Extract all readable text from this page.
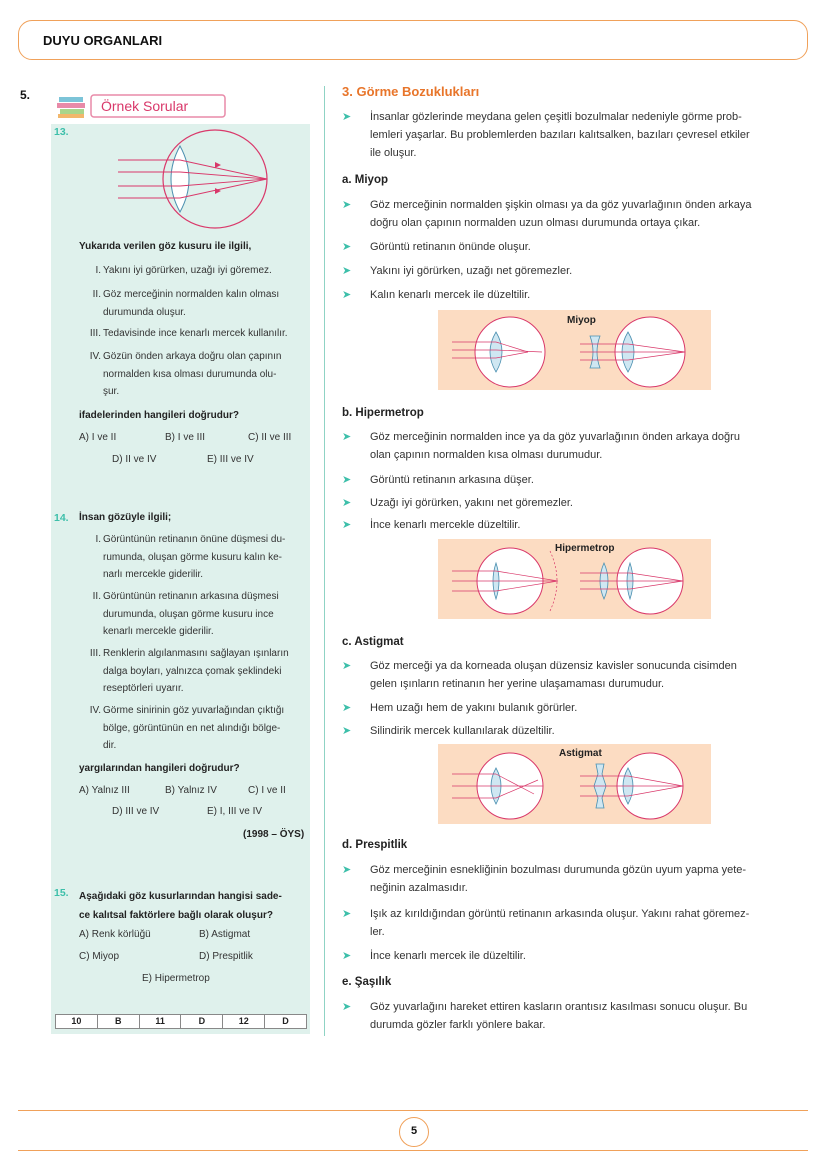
DUYU ORGANLARI
5.
Örnek Sorular
13.
Yukarıda verilen göz kusuru ile ilgili,
I. Yakını iyi görürken, uzağı iyi göremez.
II. Göz merceğinin normalden kalın olması
durumunda oluşur.
III. Tedavisinde ince kenarlı mercek kullanılır.
IV. Gözün önden arkaya doğru olan çapının
normalden kısa olması durumunda olu-
şur.
ifadelerinden hangileri doğrudur?
A) I ve II	B) I ve III	C) II ve III
D) II ve IV	E) III ve IV
14. İnsan gözüyle ilgili;
I. Görüntünün retinanın önüne düşmesi du-
rumunda, oluşan görme kusuru kalın ke-
narlı mercekle giderilir.
II. Görüntünün retinanın arkasına düşmesi
durumunda, oluşan görme kusuru ince
kenarlı mercekle giderilir.
III. Renklerin algılanmasını sağlayan ışınların
dalga boyları, yalnızca çomak şeklindeki
reseptörleri uyarır.
IV. Görme sinirinin göz yuvarlağından çıktığı
bölge, görüntünün en net alındığı bölge-
dir.
yargılarından hangileri doğrudur?
A) Yalnız III	B) Yalnız IV	C) I ve II
D) III ve IV	E) I, III ve IV
(1998 – ÖYS)
15. Aşağıdaki göz kusurlarından hangisi sade-
ce kalıtsal faktörlere bağlı olarak oluşur?
A) Renk körlüğü	B) Astigmat
C) Miyop	D) Prespitlik
E) Hipermetrop
10	B	11	D	12	D
3. Görme Bozuklukları
➤ İnsanlar gözlerinde meydana gelen çeşitli bozulmalar nedeniyle görme prob-
lemleri yaşarlar. Bu problemlerden bazıları kalıtsalken, bazıları çevresel etkiler
ile oluşur.
a. Miyop
➤ Göz merceğinin normalden şişkin olması ya da göz yuvarlağının önden arkaya
doğru olan çapının normalden uzun olması durumunda ortaya çıkar.
➤ Görüntü retinanın önünde oluşur.
➤ Yakını iyi görürken, uzağı net göremezler.
➤ Kalın kenarlı mercek ile düzeltilir.
Miyop
b. Hipermetrop
➤ Göz merceğinin normalden ince ya da göz yuvarlağının önden arkaya doğru
olan çapının normalden kısa olması durumudur.
➤ Görüntü retinanın arkasına düşer.
➤ Uzağı iyi görürken, yakını net göremezler.
➤ İnce kenarlı mercekle düzeltilir.
Hipermetrop
c. Astigmat
➤ Göz merceği ya da korneada oluşan düzensiz kavisler sonucunda cisimden
gelen ışınların retinanın her yerine ulaşamaması durumudur.
➤ Hem uzağı hem de yakını bulanık görürler.
➤ Silindirik mercek kullanılarak düzeltilir.
Astigmat
d. Prespitlik
➤ Göz merceğinin esnekliğinin bozulması durumunda gözün uyum yapma yete-
neğinin azalmasıdır.
➤ Işık az kırıldığından görüntü retinanın arkasında oluşur. Yakını rahat göremez-
ler.
➤ İnce kenarlı mercek ile düzeltilir.
e. Şaşılık
➤ Göz yuvarlağını hareket ettiren kasların orantısız kasılması sonucu oluşur. Bu
durumda gözler farklı yönlere bakar.
5
